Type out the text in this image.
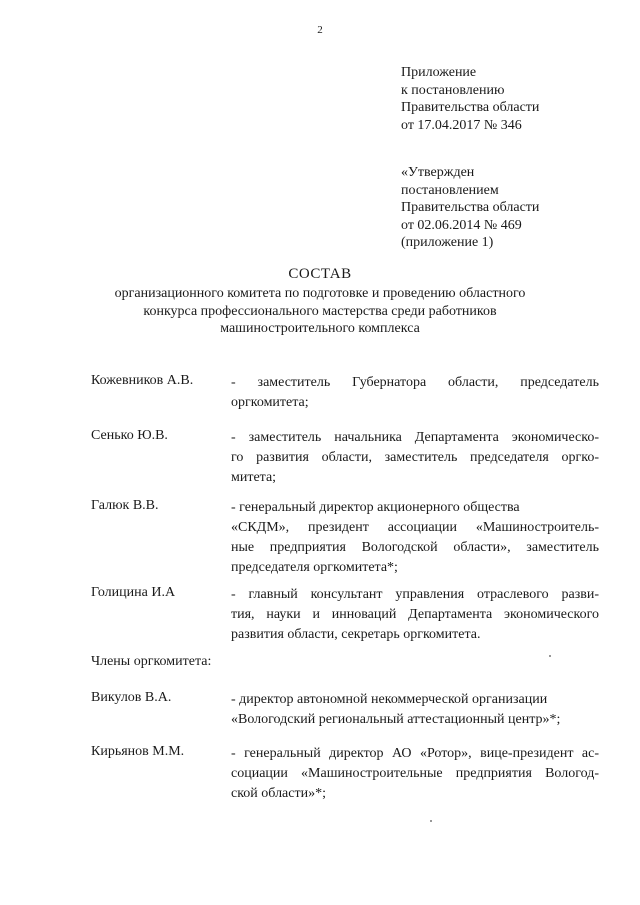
2
Приложение
к постановлению
Правительства области
от 17.04.2017 № 346
«Утвержден
постановлением
Правительства области
от 02.06.2014 № 469
(приложение 1)
СОСТАВ
организационного комитета по подготовке и проведению областного
конкурса профессионального мастерства среди работников
машиностроительного комплекса
Кожевников А.В.	- заместитель Губернатора области, председатель
оргкомитета;
Сенько Ю.В.	- заместитель начальника Департамента экономическо-
го развития области, заместитель председателя оргко-
митета;
Галюк В.В.	- генеральный директор акционерного общества
«СКДМ», президент ассоциации «Машиностроитель-
ные предприятия Вологодской области», заместитель
председателя оргкомитета*;
Голицина И.А	- главный консультант управления отраслевого разви-
тия, науки и инноваций Департамента экономического
развития области, секретарь оргкомитета.
Члены оргкомитета:
Викулов В.А.	- директор автономной некоммерческой организации
«Вологодский региональный аттестационный центр»*;
Кирьянов М.М.	- генеральный директор АО «Ротор», вице-президент ас-
социации «Машиностроительные предприятия Вологод-
ской области»*;
